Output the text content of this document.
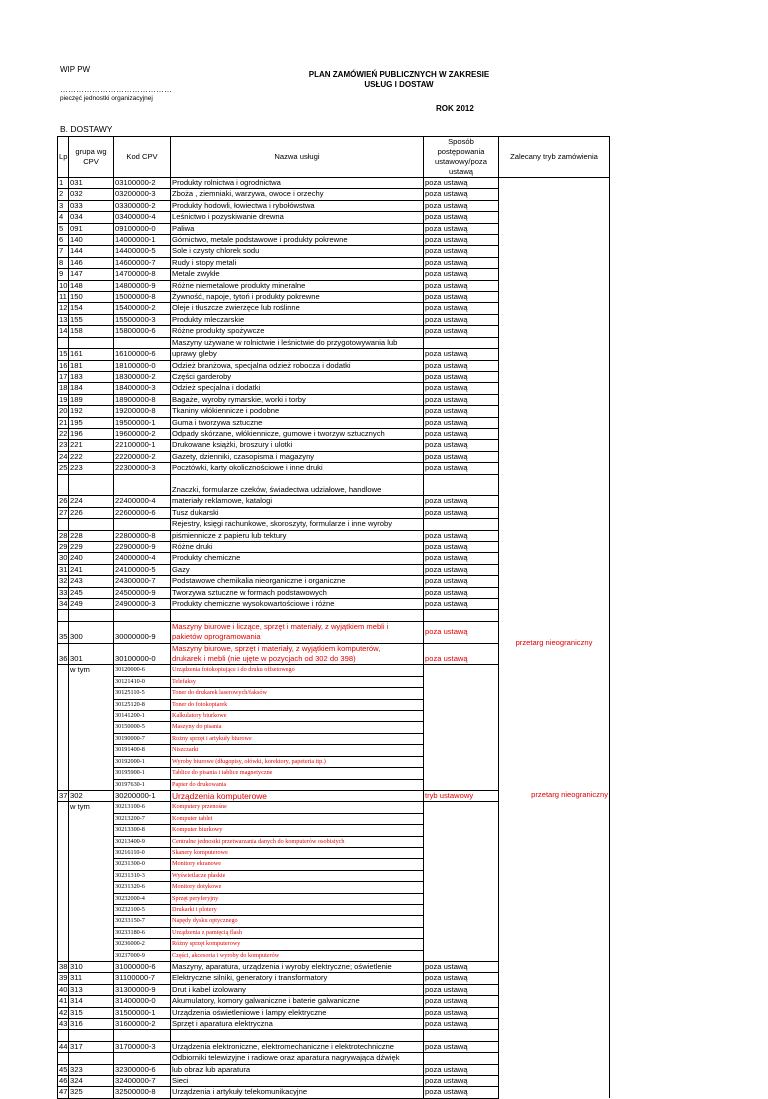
WIP PW
……………………………………
pieczęć jednostki organizacyjnej
PLAN ZAMÓWIEŃ PUBLICZNYCH W ZAKRESIE
USŁUG I DOSTAW
ROK 2012
B. DOSTAWY
Lp.	grupa wg CPV	Kod CPV	Nazwa usługi	Sposób postępowania ustawowy/poza ustawą	Zalecany tryb zamówienia
1	031	03100000-2	Produkty rolnictwa i ogrodnictwa	poza ustawą	
2	032	03200000-3	Zboża , ziemniaki, warzywa, owoce i orzechy	poza ustawą	
3	033	03300000-2	Produkty hodowli, łowiectwa i rybołówstwa	poza ustawą	
4	034	03400000-4	Leśnictwo i pozyskiwanie drewna	poza ustawą	
5	091	09100000-0	Paliwa	poza ustawą	
6	140	14000000-1	Górnictwo, metale podstawowe i produkty pokrewne	poza ustawą	
7	144	14400000-5	Sole i czysty chlorek sodu	poza ustawą	
8	146	14600000-7	Rudy i stopy metali	poza ustawą	
9	147	14700000-8	Metale zwykłe	poza ustawą	
10	148	14800000-9	Różne niemetalowe produkty mineralne	poza ustawą	
11	150	15000000-8	Żywność, napoje, tytoń i produkty pokrewne	poza ustawą	
12	154	15400000-2	Oleje i tłuszcze zwierzęce lub roślinne	poza ustawą	
13	155	15500000-3	Produkty mleczarskie	poza ustawą	
14	158	15800000-6	Różne produkty spożywcze	poza ustawą	
			Maszyny używane w rolnictwie i leśnictwie do przygotowywania lub		
15	161	16100000-6	uprawy gleby	poza ustawą	
16	181	18100000-0	Odzież branżowa, specjalna odzież robocza i dodatki	poza ustawą	
17	183	18300000-2	Części garderoby	poza ustawą	
18	184	18400000-3	Odzież specjalna i dodatki	poza ustawą	
19	189	18900000-8	Bagaże, wyroby rymarskie, worki i torby	poza ustawą	
20	192	19200000-8	Tkaniny włókiennicze i podobne	poza ustawą	
21	195	19500000-1	Guma i tworzywa sztuczne	poza ustawą	
22	196	19600000-2	Odpady skórzane, włókiennicze, gumowe i tworzyw sztucznych	poza ustawą	
23	221	22100000-1	Drukowane książki, broszury i ulotki	poza ustawą	
24	222	22200000-2	Gazety, dzienniki, czasopisma i magazyny	poza ustawą	
25	223	22300000-3	Pocztówki, karty okolicznościowe i inne druki	poza ustawą	

			Znaczki, formularze czeków, świadectwa udziałowe, handlowe		
26	224	22400000-4	materiały reklamowe, katalogi	poza ustawą	
27	226	22600000-6	Tusz dukarski	poza ustawą	
			Rejestry, księgi rachunkowe, skoroszyty, formularze i inne wyroby		
28	228	22800000-8	piśmiennicze z papieru lub tektury	poza ustawą	
29	229	22900000-9	Różne druki	poza ustawą	
30	240	24000000-4	Produkty chemiczne	poza ustawą	
31	241	24100000-5	Gazy	poza ustawą	
32	243	24300000-7	Podstawowe chemikalia nieorganiczne i organiczne	poza ustawą	
33	245	24500000-9	Tworzywa sztuczne w formach podstawowych	poza ustawą	
34	249	24900000-3	Produkty chemiczne wysokowartościowe i różne	poza ustawą	

35	300	30000000-9	Maszyny biurowe i liczące, sprzęt i materiały, z wyjątkiem mebli i
pakietów oprogramowania	poza ustawą	przetarg nieograniczny
36	301	30100000-0	Maszyny biurowe, sprzęt i materiały, z wyjątkiem komputerów,
drukarek i mebli (nie ujęte w pozycjach od 302 do 398)	poza ustawą	
	w tym	30120000-6	Urządzenia fotokopiujące i do druku offsetowego		
		30121410-0	Telefaksy		
		30125110-5	Toner do drukarek laserowych/faksów		
		30125120-8	Toner do fotokopiarek		
		30141200-1	Kalkulatory biurkowe		
		30150000-5	Maszyny do pisania		
		30190000-7	Rożny sprzęt i artykuły biurowe		
		30191400-8	Niszczarki		
		30192000-1	Wyroby biurowe (długopisy, ołówki, korektory, papeteria itp.)		
		30195900-1	Tablice do pisania i tablice magnetyczne		
		30197630-1	Papier do drukowania		
37	302	30200000-1	Urządzenia komputerowe	tryb ustawowy	przetarg nieograniczny
	w tym	30213100-6	Komputery przenośne		
		30213200-7	Komputer tablet		
		30213300-8	Komputer biurkowy		
		30213400-9	Centralne jednostki przetwarzania danych do komputerów osobistych		
		30216110-0	Skanery komputerowe		
		30231300-0	Monitory ekranowe		
		30231310-3	Wyświetlacze płaskie		
		30231320-6	Monitory dotykowe		
		30232000-4	Sprzęt peryferyjny		
		30232100-5	Drukarki i plotery		
		30233150-7	Napędy dysku optycznego		
		30233180-6	Urządzenia z pamięcią flash		
		30236000-2	Różny sprzęt komputerowy		
		30237000-9	Części, akcesoria i wyroby do komputerów		
38	310	31000000-6	Maszyny, aparatura, urządzenia i wyroby elektryczne; oświetlenie	poza ustawą	
39	311	31100000-7	Elektryczne silniki, generatory i transformatory	poza ustawą	
40	313	31300000-9	Drut i kabel izolowany	poza ustawą	
41	314	31400000-0	Akumulatory, komory galwaniczne i baterie galwaniczne	poza ustawą	
42	315	31500000-1	Urządzenia oświetleniowe i lampy elektryczne	poza ustawą	
43	316	31600000-2	Sprzęt i aparatura elektryczna	poza ustawą	

44	317	31700000-3	Urządzenia elektroniczne, elektromechaniczne i elektrotechniczne	poza ustawą	
			Odbiorniki telewizyjne i radiowe oraz aparatura nagrywająca dźwięk		
45	323	32300000-6	lub obraz lub aparatura	poza ustawą	
46	324	32400000-7	Sieci	poza ustawą	
47	325	32500000-8	Urządzenia i artykuły telekomunikacyjne	poza ustawą	
